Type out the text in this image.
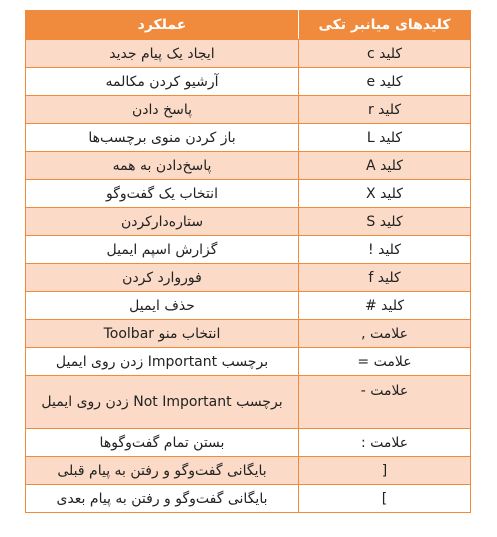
کلیدهای میانبر تکی	عملکرد
کلید c	ایجاد یک پیام جدید
کلید e	آرشیو کردن مکالمه
کلید r	پاسخ دادن
کلید L	باز کردن منوی برچسب‌ها
کلید A	پاسخ‌دادن به همه
کلید X	انتخاب یک گفت‌وگو
کلید S	ستاره‌دارکردن
کلید !	گزارش اسپم ایمیل
کلید f	فوروارد کردن
کلید #	حذف ایمیل
علامت ,	انتخاب منو Toolbar
علامت =	برچسب Important زدن روی ایمیل
علامت -	برچسب Not Important زدن روی ایمیل
علامت :	بستن تمام گفت‌وگوها
[	بایگانی گفت‌وگو و رفتن به پیام قبلی
]	بایگانی گفت‌وگو و رفتن به پیام بعدی
